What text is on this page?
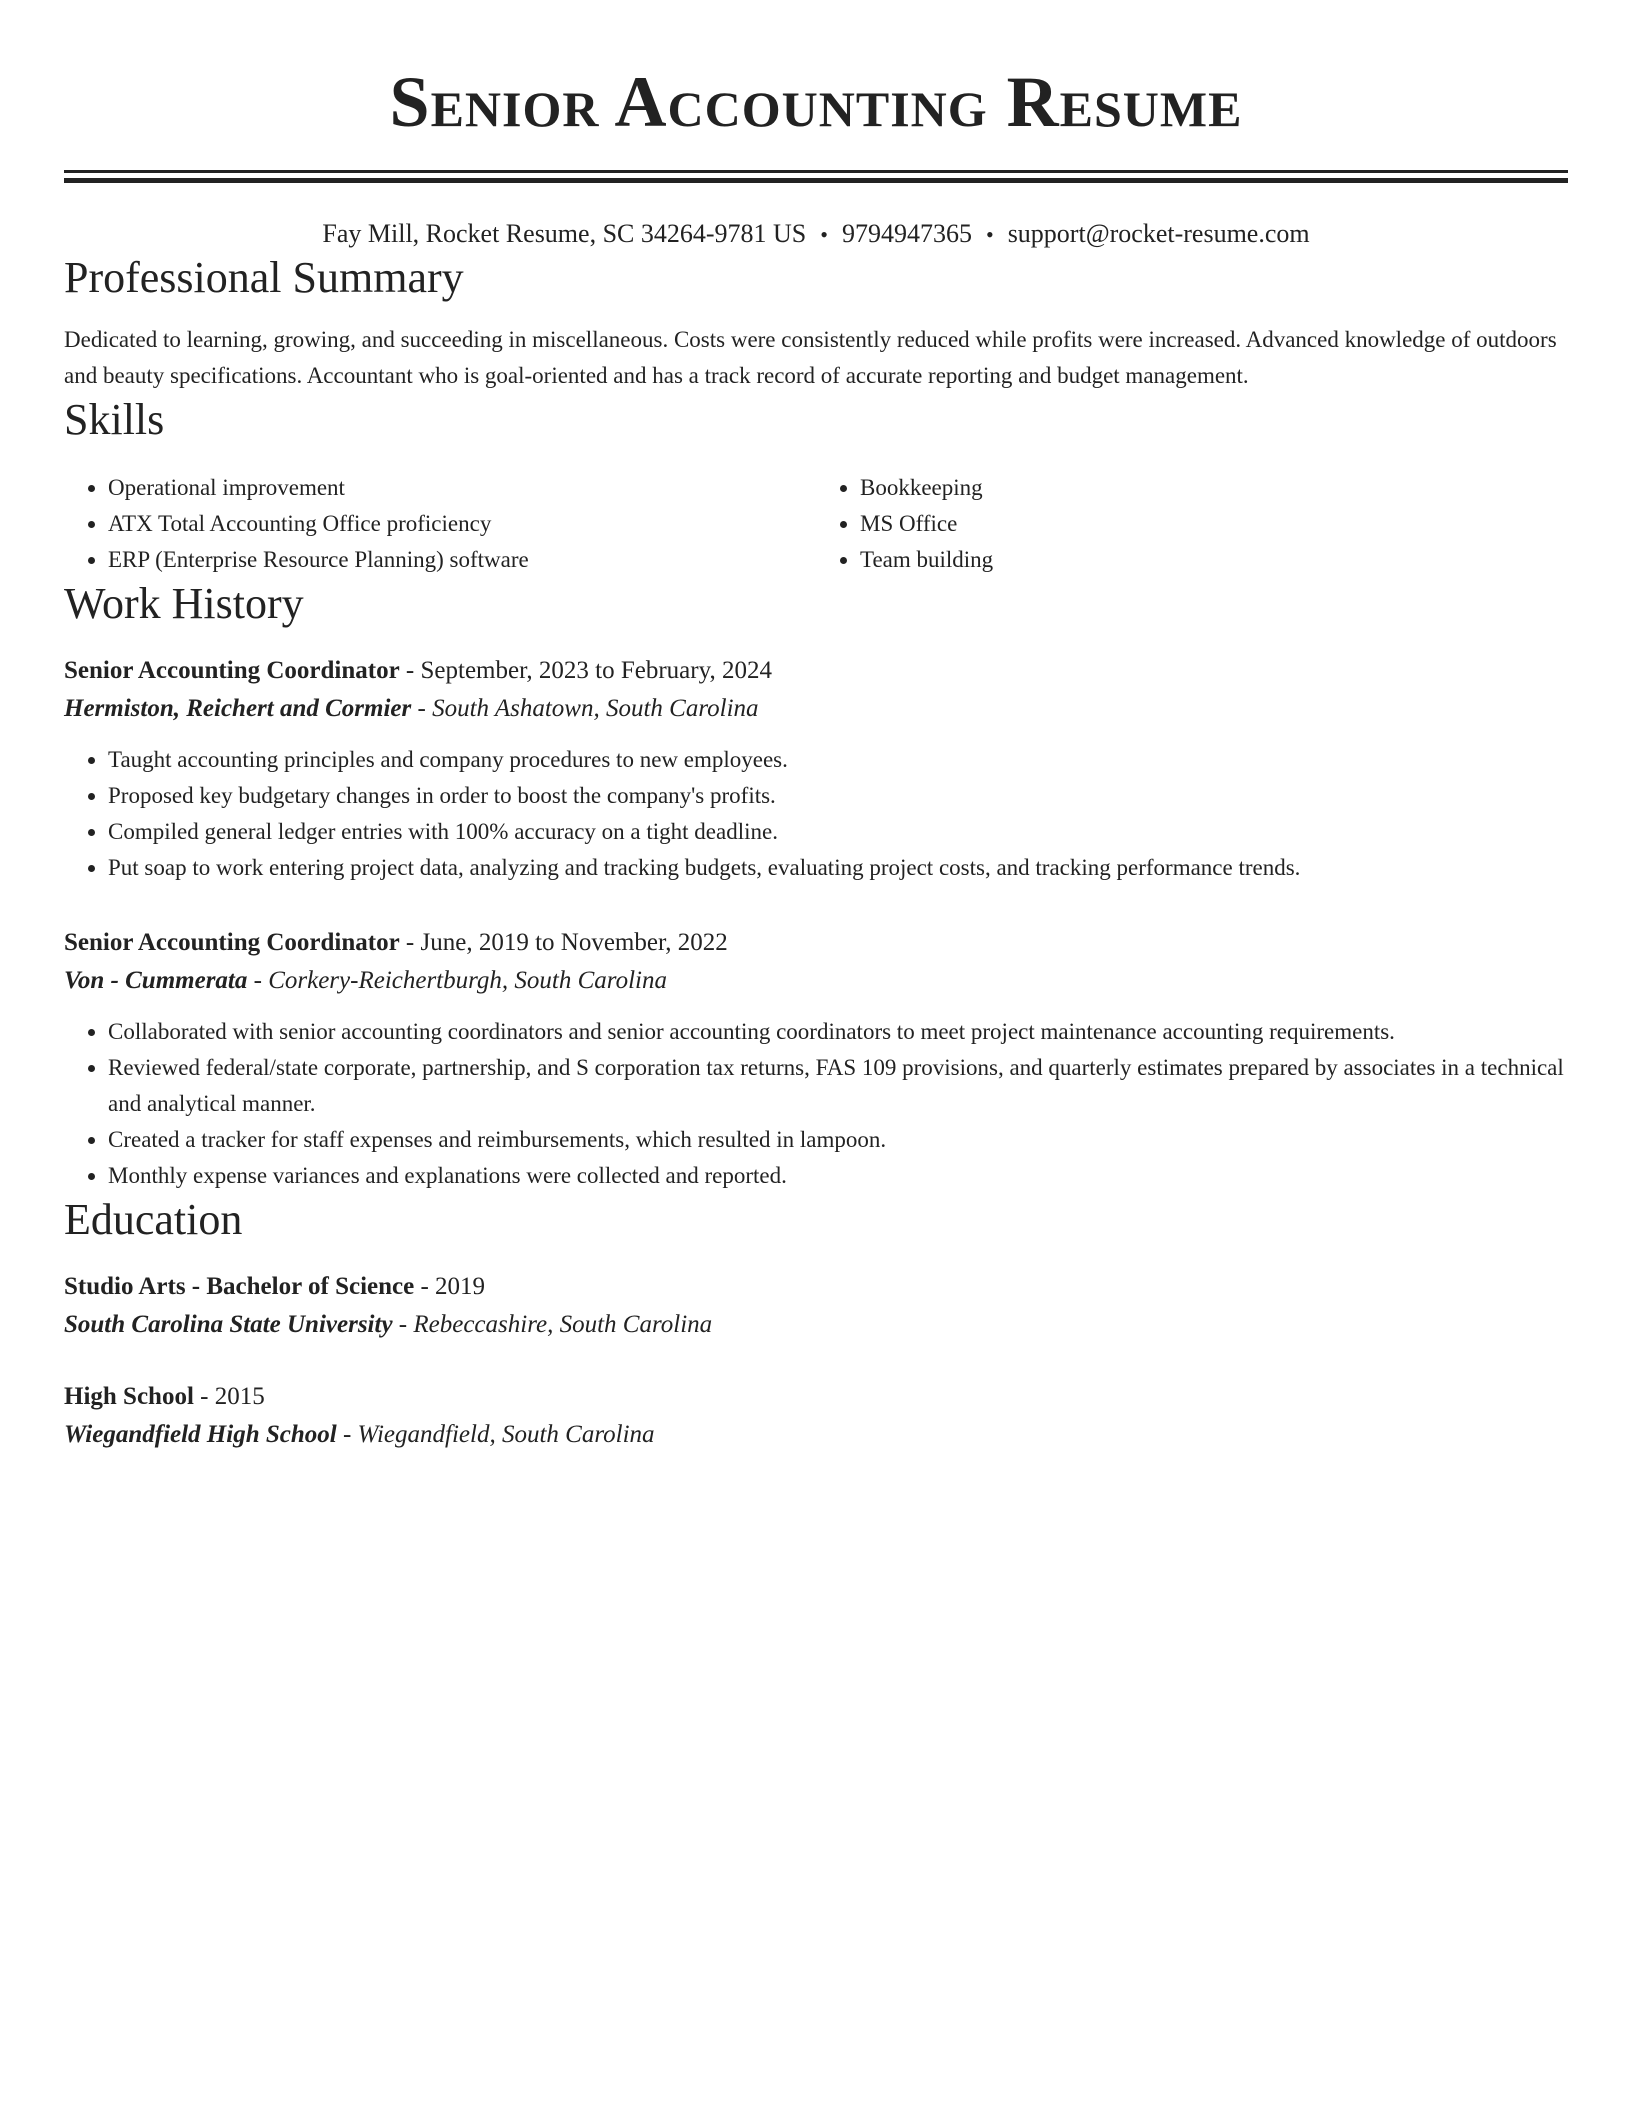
Senior Accounting Resume
Fay Mill, Rocket Resume, SC 34264-9781 US • 9794947365 • support@rocket-resume.com
Professional Summary
Dedicated to learning, growing, and succeeding in miscellaneous. Costs were consistently reduced while profits were increased. Advanced knowledge of outdoors and beauty specifications. Accountant who is goal-oriented and has a track record of accurate reporting and budget management.
Skills
• Operational improvement
• ATX Total Accounting Office proficiency
• ERP (Enterprise Resource Planning) software
• Bookkeeping
• MS Office
• Team building
Work History
Senior Accounting Coordinator - September, 2023 to February, 2024
Hermiston, Reichert and Cormier - South Ashatown, South Carolina
• Taught accounting principles and company procedures to new employees.
• Proposed key budgetary changes in order to boost the company's profits.
• Compiled general ledger entries with 100% accuracy on a tight deadline.
• Put soap to work entering project data, analyzing and tracking budgets, evaluating project costs, and tracking performance trends.
Senior Accounting Coordinator - June, 2019 to November, 2022
Von - Cummerata - Corkery-Reichertburgh, South Carolina
• Collaborated with senior accounting coordinators and senior accounting coordinators to meet project maintenance accounting requirements.
• Reviewed federal/state corporate, partnership, and S corporation tax returns, FAS 109 provisions, and quarterly estimates prepared by associates in a technical and analytical manner.
• Created a tracker for staff expenses and reimbursements, which resulted in lampoon.
• Monthly expense variances and explanations were collected and reported.
Education
Studio Arts - Bachelor of Science - 2019
South Carolina State University - Rebeccashire, South Carolina
High School - 2015
Wiegandfield High School - Wiegandfield, South Carolina
